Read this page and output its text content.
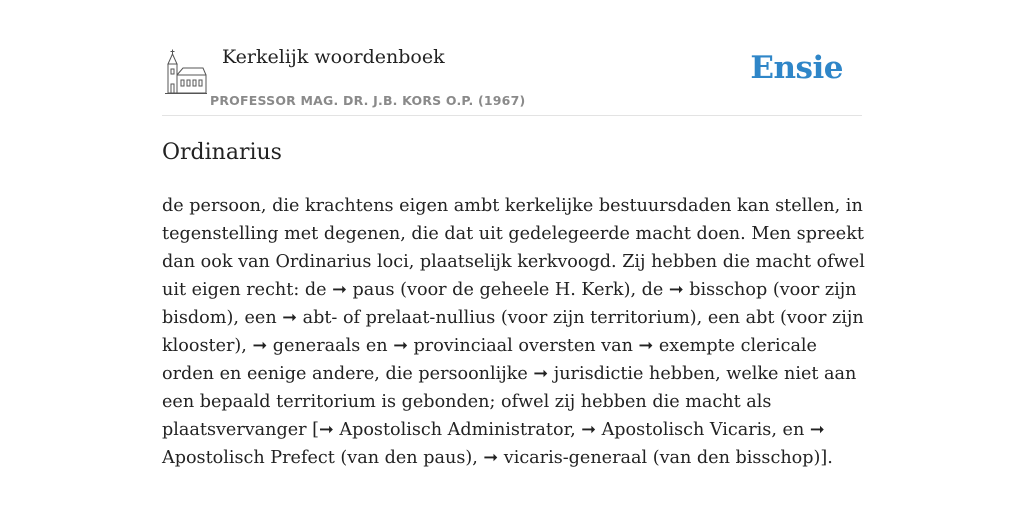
Kerkelijk woordenboek
PROFESSOR MAG. DR. J.B. KORS O.P. (1967)
Ensie
Ordinarius

de persoon, die krachtens eigen ambt kerkelijke bestuursdaden kan stellen, in tegenstelling met degenen, die dat uit gedelegeerde macht doen. Men spreekt dan ook van Ordinarius loci, plaatselijk kerkvoogd. Zij hebben die macht ofwel uit eigen recht: de ➞ paus (voor de geheele H. Kerk), de ➞ bisschop (voor zijn bisdom), een ➞ abt- of prelaat-nullius (voor zijn territorium), een abt (voor zijn klooster), ➞ generaals en ➞ provinciaal oversten van ➞ exempte clericale orden en eenige andere, die persoonlijke ➞ jurisdictie hebben, welke niet aan een bepaald territorium is gebonden; ofwel zij hebben die macht als plaatsvervanger [➞ Apostolisch Administrator, ➞ Apostolisch Vicaris, en ➞ Apostolisch Prefect (van den paus), ➞ vicaris-generaal (van den bisschop)].
